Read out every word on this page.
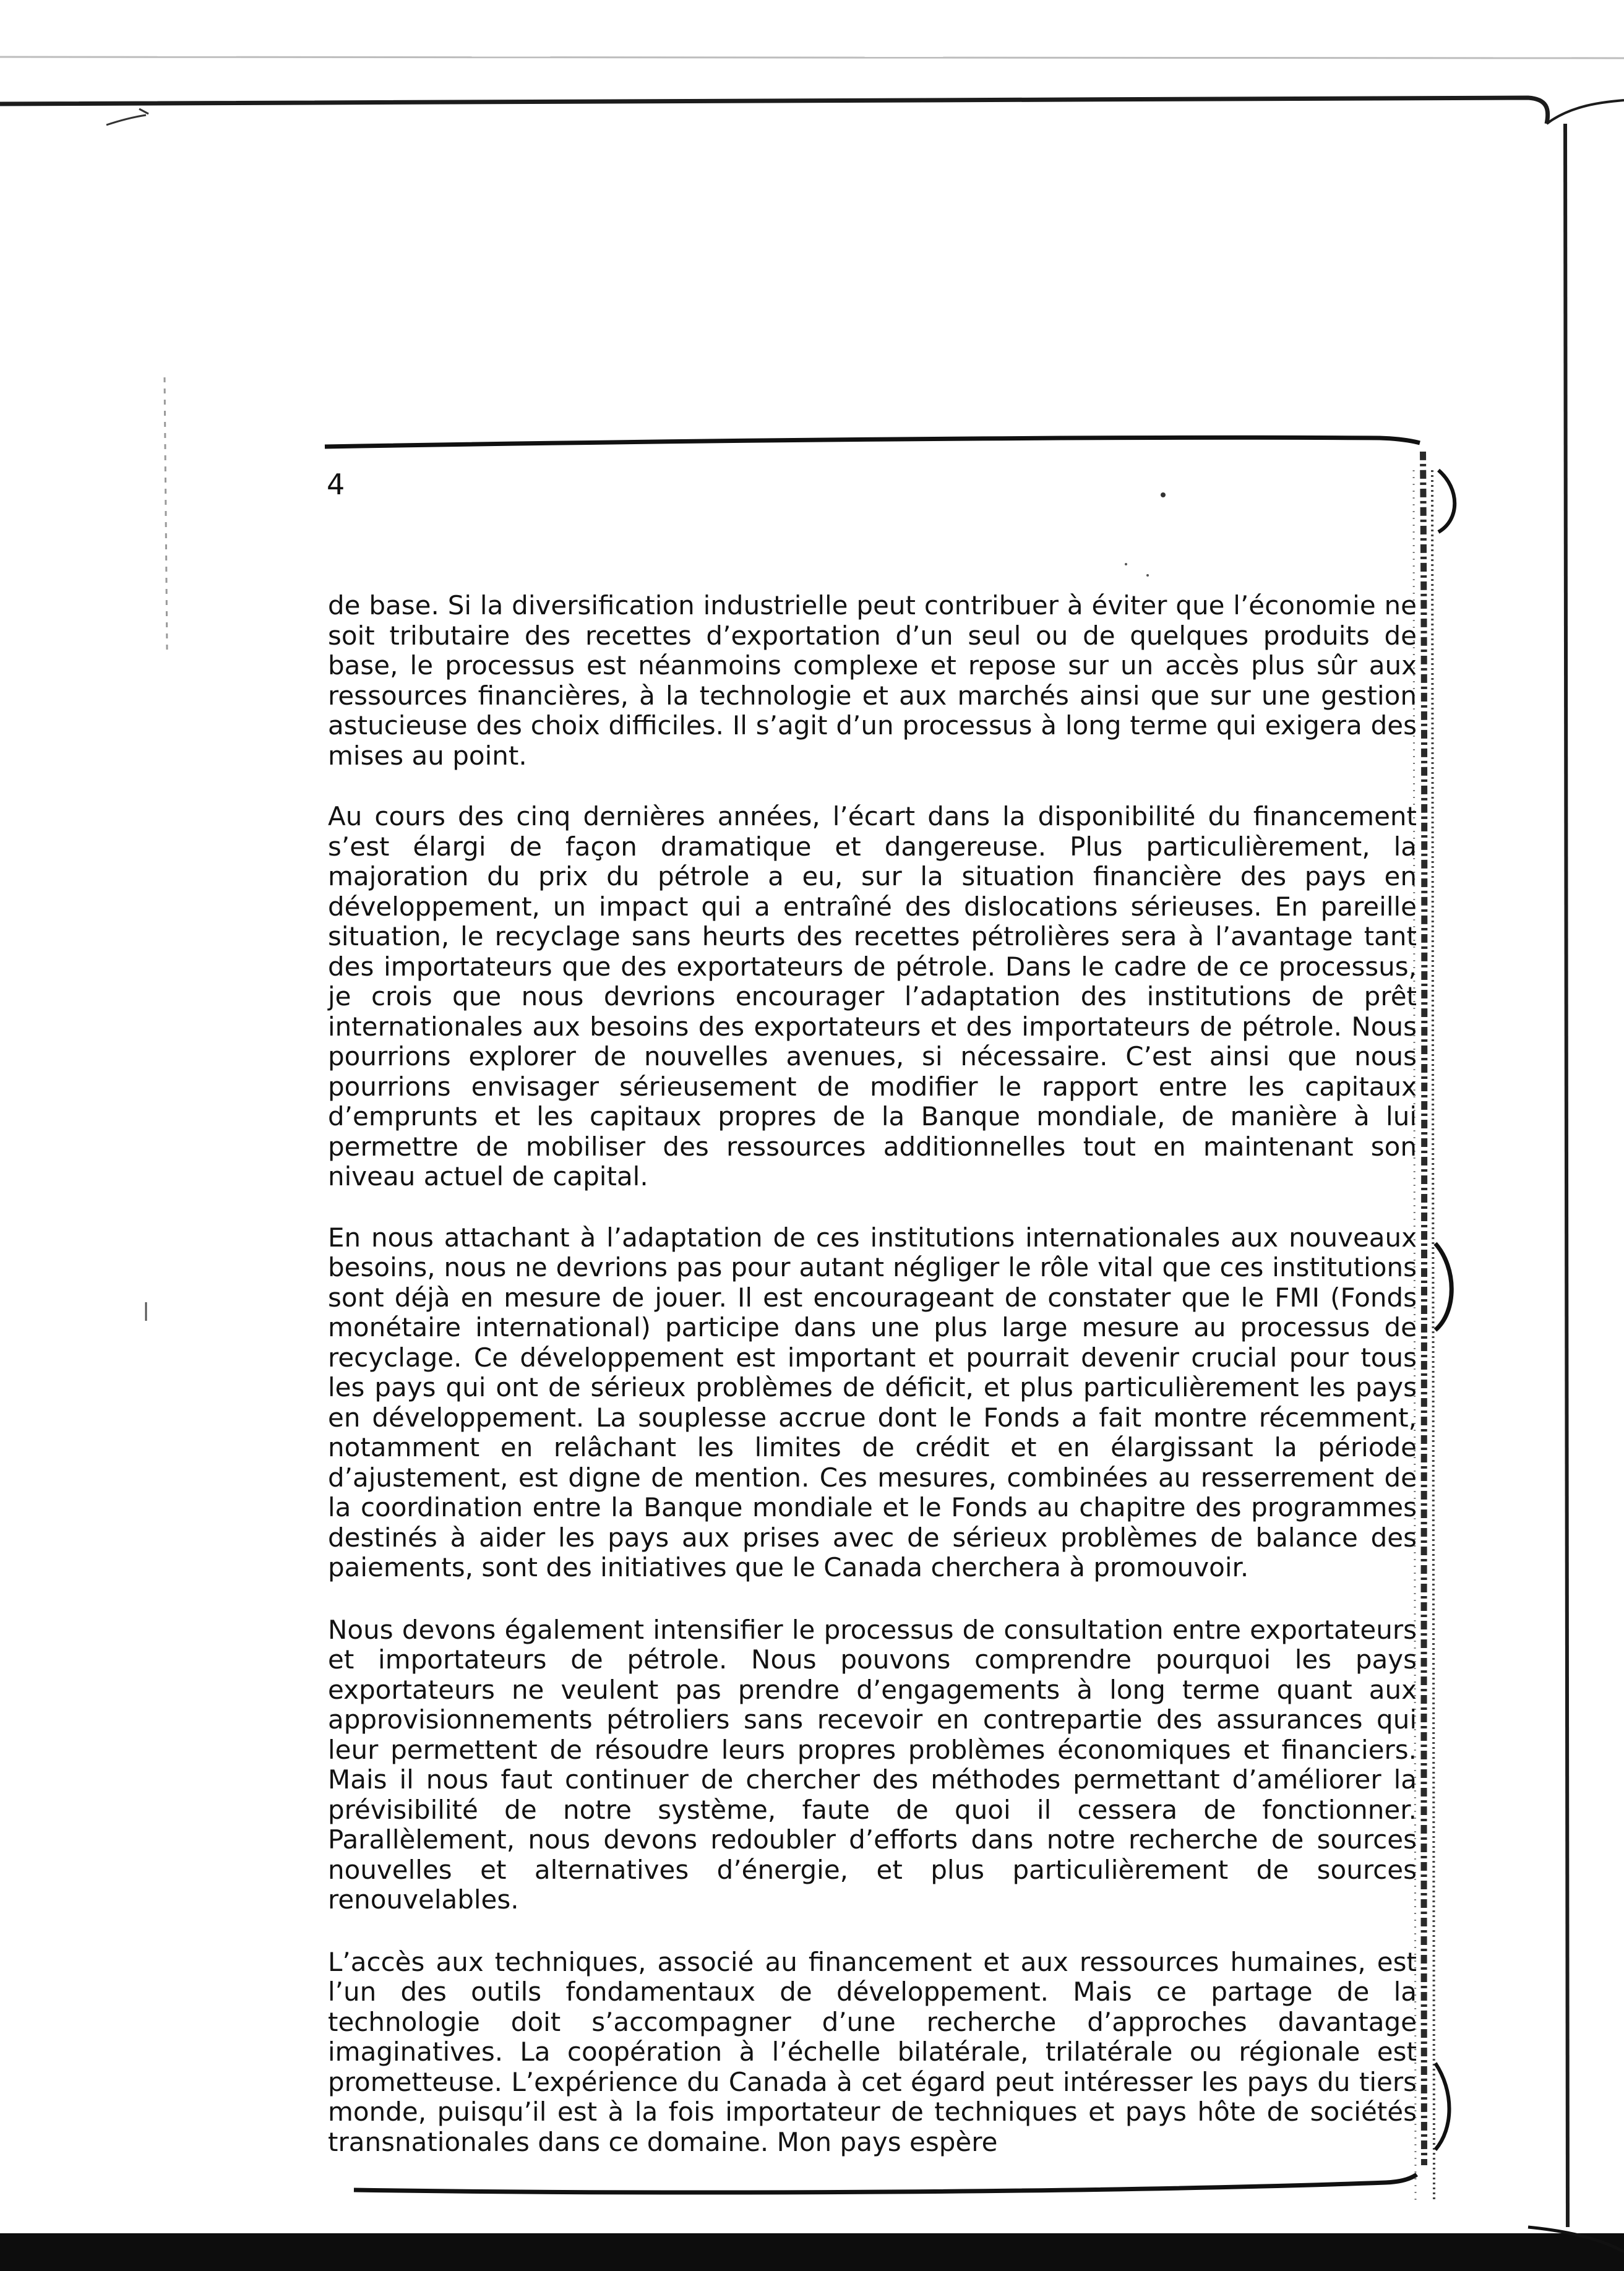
4

de base. Si la diversification industrielle peut contribuer à éviter que l’économie ne soit tributaire des recettes d’exportation d’un seul ou de quelques produits de base, le processus est néanmoins complexe et repose sur un accès plus sûr aux ressources financières, à la technologie et aux marchés ainsi que sur une gestion astucieuse des choix difficiles. Il s’agit d’un processus à long terme qui exigera des mises au point.

Au cours des cinq dernières années, l’écart dans la disponibilité du financement s’est élargi de façon dramatique et dangereuse. Plus particulièrement, la majoration du prix du pétrole a eu, sur la situation financière des pays en développement, un impact qui a entraîné des dislocations sérieuses. En pareille situation, le recyclage sans heurts des recettes pétrolières sera à l’avantage tant des importateurs que des exportateurs de pétrole. Dans le cadre de ce processus, je crois que nous devrions encourager l’adaptation des institutions de prêt internationales aux besoins des exportateurs et des importateurs de pétrole. Nous pourrions explorer de nouvelles avenues, si nécessaire. C’est ainsi que nous pourrions envisager sérieusement de modifier le rapport entre les capitaux d’emprunts et les capitaux propres de la Banque mondiale, de manière à lui permettre de mobiliser des ressources additionnelles tout en maintenant son niveau actuel de capital.

En nous attachant à l’adaptation de ces institutions internationales aux nouveaux besoins, nous ne devrions pas pour autant négliger le rôle vital que ces institutions sont déjà en mesure de jouer. Il est encourageant de constater que le FMI (Fonds monétaire international) participe dans une plus large mesure au processus de recyclage. Ce développement est important et pourrait devenir crucial pour tous les pays qui ont de sérieux problèmes de déficit, et plus particulièrement les pays en développement. La souplesse accrue dont le Fonds a fait montre récemment, notamment en relâchant les limites de crédit et en élargissant la période d’ajustement, est digne de mention. Ces mesures, combinées au resserrement de la coordination entre la Banque mondiale et le Fonds au chapitre des programmes destinés à aider les pays aux prises avec de sérieux problèmes de balance des paiements, sont des initiatives que le Canada cherchera à promouvoir.

Nous devons également intensifier le processus de consultation entre exportateurs et importateurs de pétrole. Nous pouvons comprendre pourquoi les pays exportateurs ne veulent pas prendre d’engagements à long terme quant aux approvisionnements pétroliers sans recevoir en contrepartie des assurances qui leur permettent de résoudre leurs propres problèmes économiques et financiers. Mais il nous faut continuer de chercher des méthodes permettant d’améliorer la prévisibilité de notre système, faute de quoi il cessera de fonctionner. Parallèlement, nous devons redoubler d’efforts dans notre recherche de sources nouvelles et alternatives d’énergie, et plus particulièrement de sources renouvelables.

L’accès aux techniques, associé au financement et aux ressources humaines, est l’un des outils fondamentaux de développement. Mais ce partage de la technologie doit s’accompagner d’une recherche d’approches davantage imaginatives. La coopération à l’échelle bilatérale, trilatérale ou régionale est prometteuse. L’expérience du Canada à cet égard peut intéresser les pays du tiers monde, puisqu’il est à la fois importateur de techniques et pays hôte de sociétés transnationales dans ce domaine. Mon pays espère
